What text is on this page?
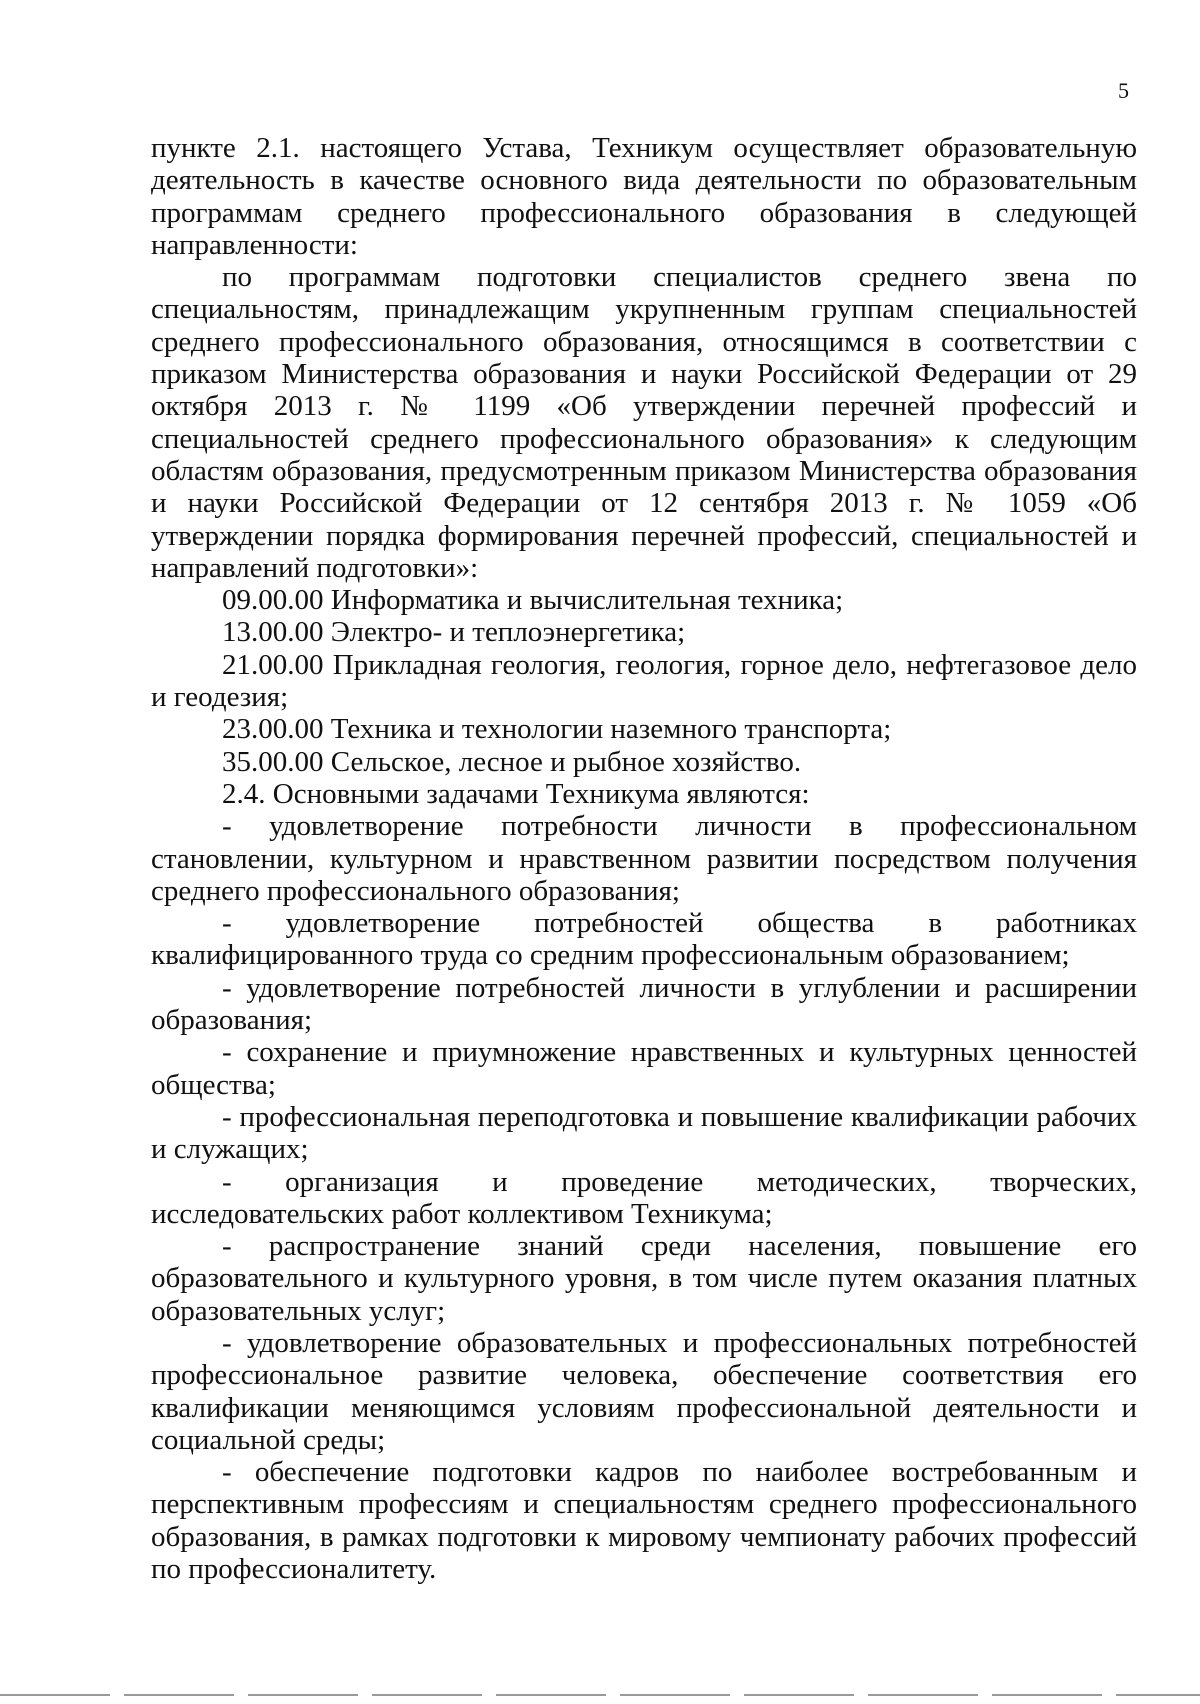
5

пункте 2.1. настоящего Устава, Техникум осуществляет образовательную деятельность в качестве основного вида деятельности по образовательным программам среднего профессионального образования в следующей направленности:

по программам подготовки специалистов среднего звена по специальностям, принадлежащим укрупненным группам специальностей среднего профессионального образования, относящимся в соответствии с приказом Министерства образования и науки Российской Федерации от 29 октября 2013 г. № 1199 «Об утверждении перечней профессий и специальностей среднего профессионального образования» к следующим областям образования, предусмотренным приказом Министерства образования и науки Российской Федерации от 12 сентября 2013 г. № 1059 «Об утверждении порядка формирования перечней профессий, специальностей и направлений подготовки»:

09.00.00 Информатика и вычислительная техника;

13.00.00 Электро- и теплоэнергетика;

21.00.00 Прикладная геология, геология, горное дело, нефтегазовое дело и геодезия;

23.00.00 Техника и технологии наземного транспорта;

35.00.00 Сельское, лесное и рыбное хозяйство.

2.4. Основными задачами Техникума являются:

- удовлетворение потребности личности в профессиональном становлении, культурном и нравственном развитии посредством получения среднего профессионального образования;

- удовлетворение потребностей общества в работниках квалифицированного труда со средним профессиональным образованием;

- удовлетворение потребностей личности в углублении и расширении образования;

- сохранение и приумножение нравственных и культурных ценностей общества;

- профессиональная переподготовка и повышение квалификации рабочих и служащих;

- организация и проведение методических, творческих, исследовательских работ коллективом Техникума;

- распространение знаний среди населения, повышение его образовательного и культурного уровня, в том числе путем оказания платных образовательных услуг;

- удовлетворение образовательных и профессиональных потребностей профессиональное развитие человека, обеспечение соответствия его квалификации меняющимся условиям профессиональной деятельности и социальной среды;

- обеспечение подготовки кадров по наиболее востребованным и перспективным профессиям и специальностям среднего профессионального образования, в рамках подготовки к мировому чемпионату рабочих профессий по профессионалитету.
